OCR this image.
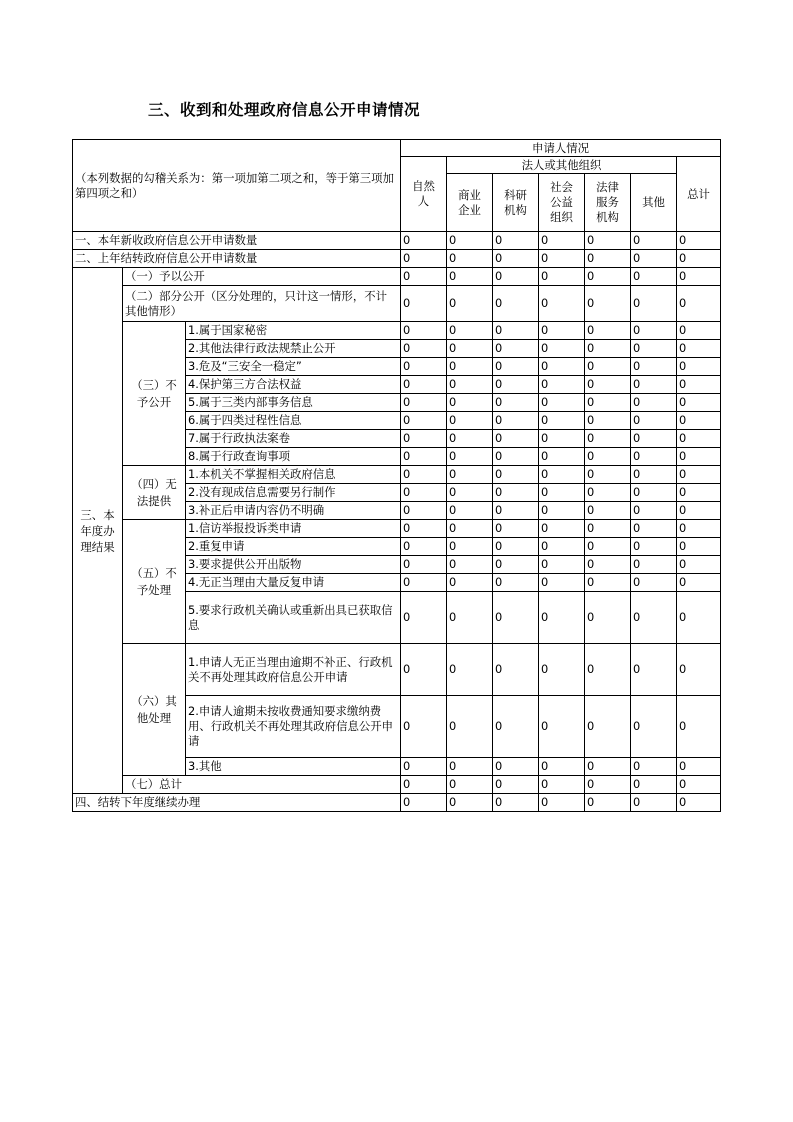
三、收到和处理政府信息公开申请情况
（本列数据的勾稽关系为：第一项加第二项之和，等于第三项加第四项之和）			申请人情况						
			自然人	法人或其他组织					总计
				商业企业	科研机构	社会公益组织	法律服务机构	其他	
一、本年新收政府信息公开申请数量			0	0	0	0	0	0	0
二、上年结转政府信息公开申请数量			0	0	0	0	0	0	0
三、本年度办理结果	（一）予以公开		0	0	0	0	0	0	0
	（二）部分公开（区分处理的，只计这一情形，不计其他情形）		0	0	0	0	0	0	0
	（三）不予公开	1.属于国家秘密	0	0	0	0	0	0	0
		2.其他法律行政法规禁止公开	0	0	0	0	0	0	0
		3.危及“三安全一稳定”	0	0	0	0	0	0	0
		4.保护第三方合法权益	0	0	0	0	0	0	0
		5.属于三类内部事务信息	0	0	0	0	0	0	0
		6.属于四类过程性信息	0	0	0	0	0	0	0
		7.属于行政执法案卷	0	0	0	0	0	0	0
		8.属于行政查询事项	0	0	0	0	0	0	0
	（四）无法提供	1.本机关不掌握相关政府信息	0	0	0	0	0	0	0
		2.没有现成信息需要另行制作	0	0	0	0	0	0	0
		3.补正后申请内容仍不明确	0	0	0	0	0	0	0
	（五）不予处理	1.信访举报投诉类申请	0	0	0	0	0	0	0
		2.重复申请	0	0	0	0	0	0	0
		3.要求提供公开出版物	0	0	0	0	0	0	0
		4.无正当理由大量反复申请	0	0	0	0	0	0	0
		5.要求行政机关确认或重新出具已获取信息	0	0	0	0	0	0	0
	（六）其他处理	1.申请人无正当理由逾期不补正、行政机关不再处理其政府信息公开申请	0	0	0	0	0	0	0
		2.申请人逾期未按收费通知要求缴纳费用、行政机关不再处理其政府信息公开申请	0	0	0	0	0	0	0
		3.其他	0	0	0	0	0	0	0
	（七）总计		0	0	0	0	0	0	0
四、结转下年度继续办理			0	0	0	0	0	0	0
